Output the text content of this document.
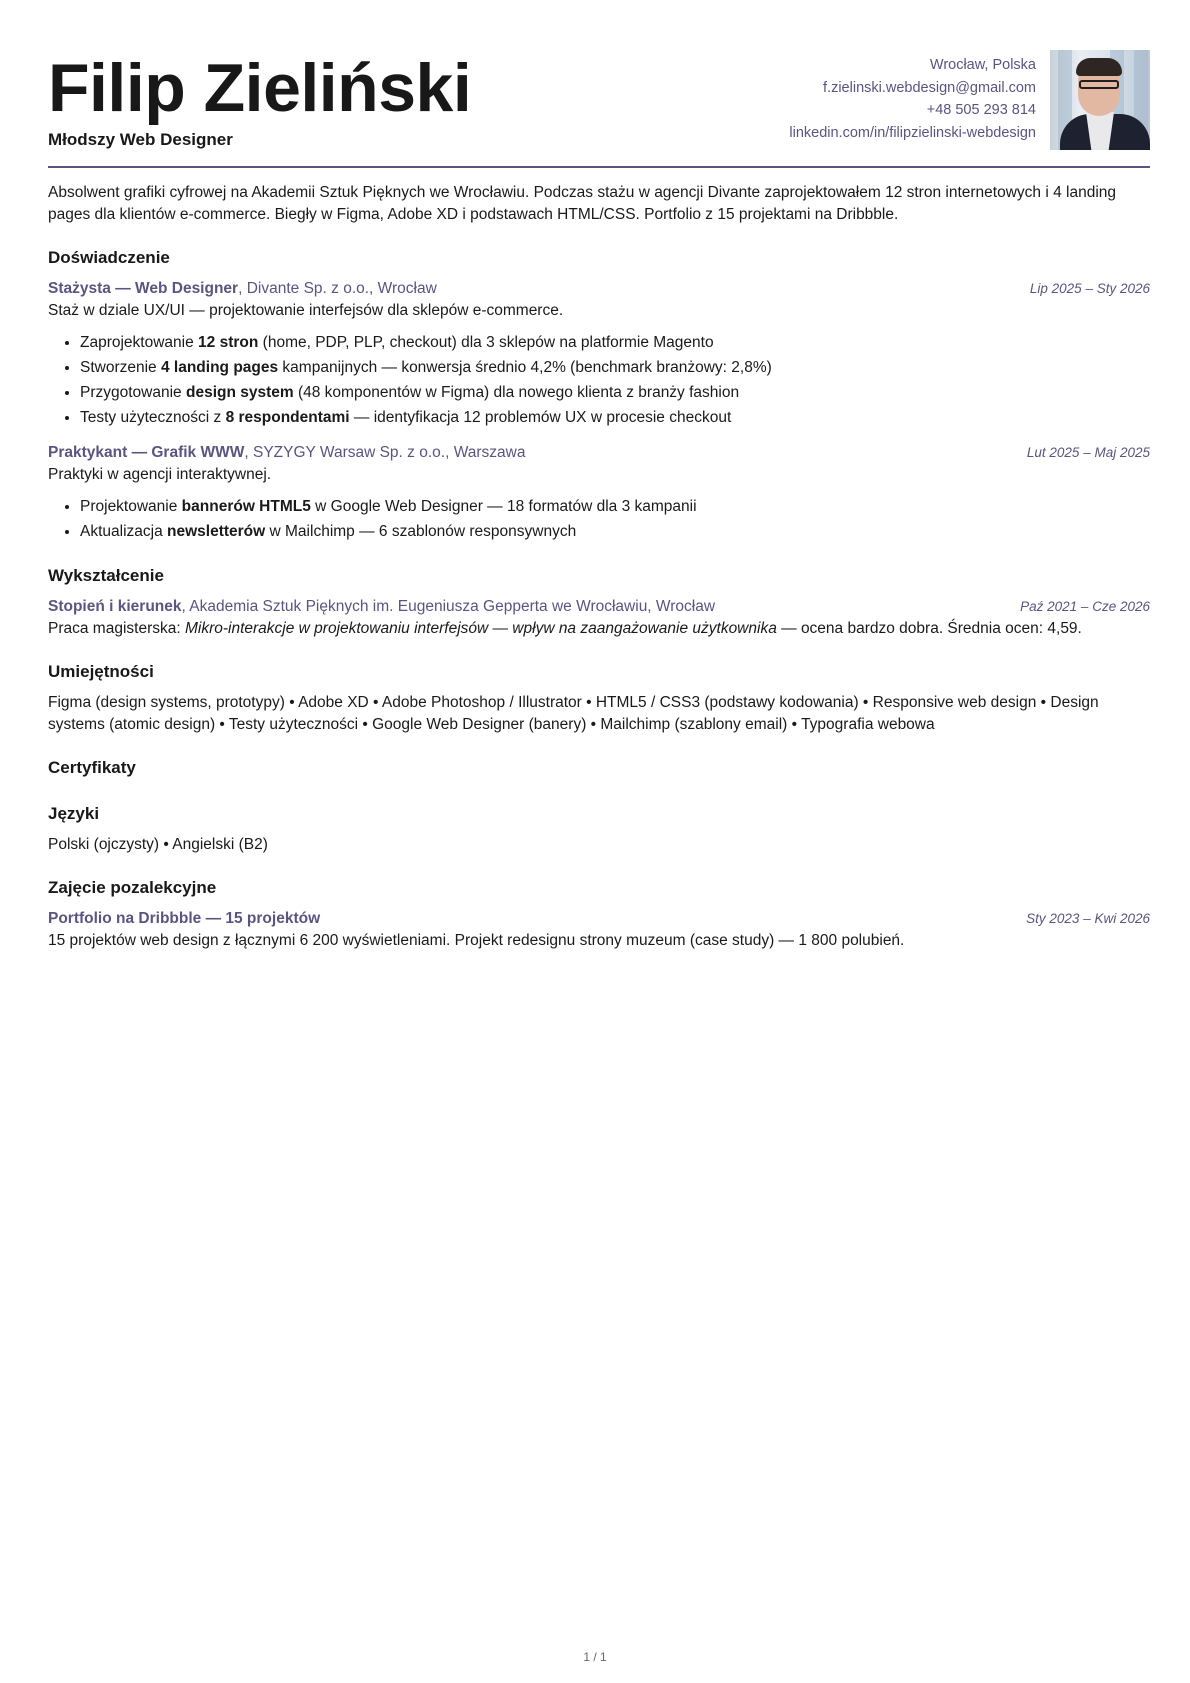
Filip Zieliński
Młodszy Web Designer
Wrocław, Polska
f.zielinski.webdesign@gmail.com
+48 505 293 814
linkedin.com/in/filipzielinski-webdesign
Absolwent grafiki cyfrowej na Akademii Sztuk Pięknych we Wrocławiu. Podczas stażu w agencji Divante zaprojektowałem 12 stron internetowych i 4 landing pages dla klientów e-commerce. Biegły w Figma, Adobe XD i podstawach HTML/CSS. Portfolio z 15 projektami na Dribbble.
Doświadczenie
Stażysta — Web Designer, Divante Sp. z o.o., Wrocław	Lip 2025 – Sty 2026
Staż w dziale UX/UI — projektowanie interfejsów dla sklepów e-commerce.
• Zaprojektowanie 12 stron (home, PDP, PLP, checkout) dla 3 sklepów na platformie Magento
• Stworzenie 4 landing pages kampanijnych — konwersja średnio 4,2% (benchmark branżowy: 2,8%)
• Przygotowanie design system (48 komponentów w Figma) dla nowego klienta z branży fashion
• Testy użyteczności z 8 respondentami — identyfikacja 12 problemów UX w procesie checkout
Praktykant — Grafik WWW, SYZYGY Warsaw Sp. z o.o., Warszawa	Lut 2025 – Maj 2025
Praktyki w agencji interaktywnej.
• Projektowanie bannerów HTML5 w Google Web Designer — 18 formatów dla 3 kampanii
• Aktualizacja newsletterów w Mailchimp — 6 szablonów responsywnych
Wykształcenie
Stopień i kierunek, Akademia Sztuk Pięknych im. Eugeniusza Gepperta we Wrocławiu, Wrocław	Paź 2021 – Cze 2026
Praca magisterska: Mikro-interakcje w projektowaniu interfejsów — wpływ na zaangażowanie użytkownika — ocena bardzo dobra. Średnia ocen: 4,59.
Umiejętności
Figma (design systems, prototypy) • Adobe XD • Adobe Photoshop / Illustrator • HTML5 / CSS3 (podstawy kodowania) • Responsive web design • Design systems (atomic design) • Testy użyteczności • Google Web Designer (banery) • Mailchimp (szablony email) • Typografia webowa
Certyfikaty
Języki
Polski (ojczysty) • Angielski (B2)
Zajęcie pozalekcyjne
Portfolio na Dribbble — 15 projektów	Sty 2023 – Kwi 2026
15 projektów web design z łącznymi 6 200 wyświetleniami. Projekt redesignu strony muzeum (case study) — 1 800 polubień.
1 / 1
